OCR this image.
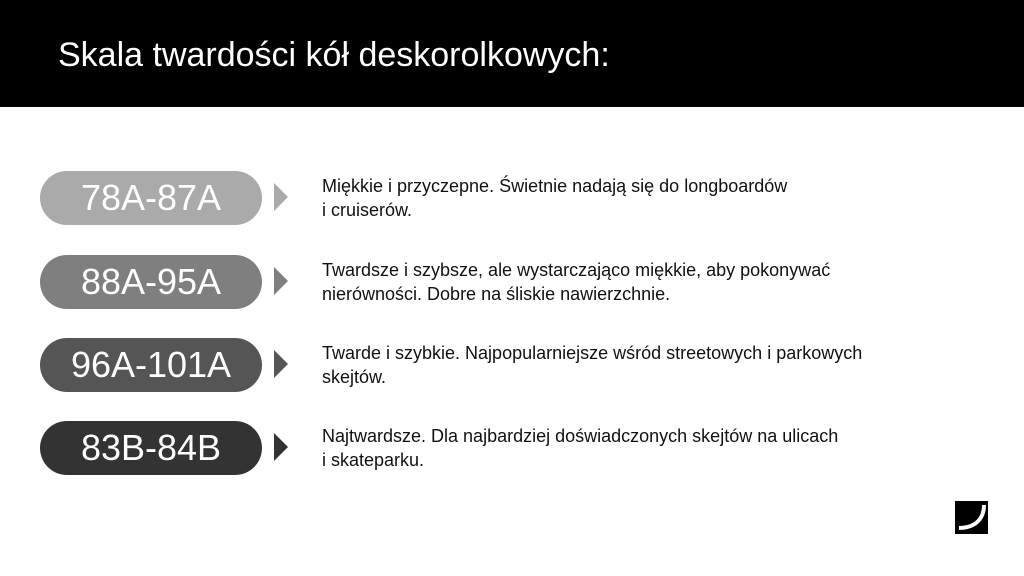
Skala twardości kół deskorolkowych:
78A-87A	Miękkie i przyczepne. Świetnie nadają się do longboardów
i cruiserów.
88A-95A	Twardsze i szybsze, ale wystarczająco miękkie, aby pokonywać
nierówności. Dobre na śliskie nawierzchnie.
96A-101A	Twarde i szybkie. Najpopularniejsze wśród streetowych i parkowych
skejtów.
83B-84B	Najtwardsze. Dla najbardziej doświadczonych skejtów na ulicach
i skateparku.
